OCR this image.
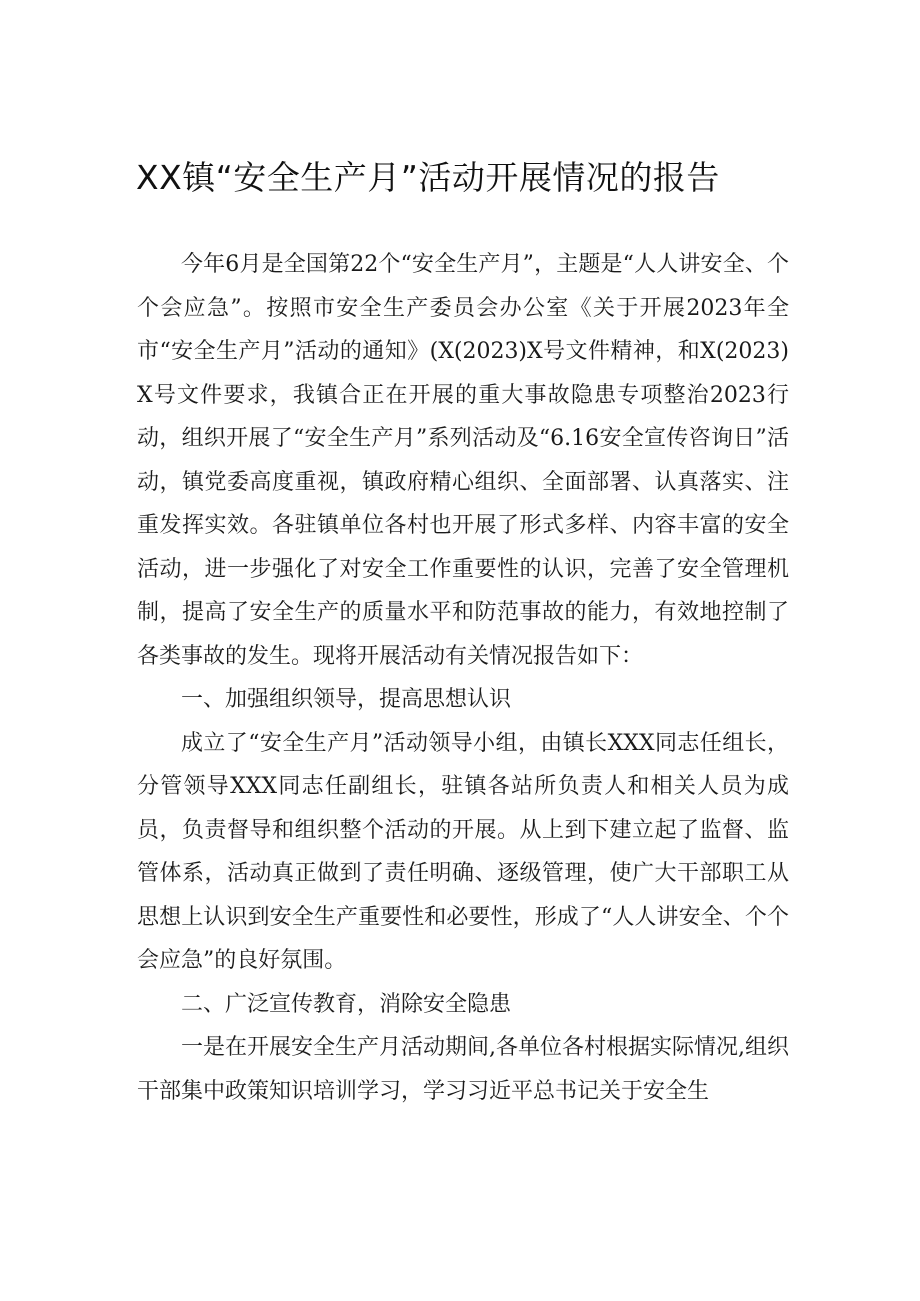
XX镇“安全生产月”活动开展情况的报告

今年6月是全国第22个“安全生产月”，主题是“人人讲安全、个个会应急”。按照市安全生产委员会办公室《关于开展2023年全市“安全生产月”活动的通知》(X(2023)X号文件精神，和X(2023)X号文件要求，我镇合正在开展的重大事故隐患专项整治2023行动，组织开展了“安全生产月”系列活动及“6.16安全宣传咨询日”活动，镇党委高度重视，镇政府精心组织、全面部署、认真落实、注重发挥实效。各驻镇单位各村也开展了形式多样、内容丰富的安全活动，进一步强化了对安全工作重要性的认识，完善了安全管理机制，提高了安全生产的质量水平和防范事故的能力，有效地控制了各类事故的发生。现将开展活动有关情况报告如下：

一、加强组织领导，提高思想认识

成立了“安全生产月”活动领导小组，由镇长XXX同志任组长，分管领导XXX同志任副组长，驻镇各站所负责人和相关人员为成员，负责督导和组织整个活动的开展。从上到下建立起了监督、监管体系，活动真正做到了责任明确、逐级管理，使广大干部职工从思想上认识到安全生产重要性和必要性，形成了“人人讲安全、个个会应急”的良好氛围。

二、广泛宣传教育，消除安全隐患

一是在开展安全生产月活动期间,各单位各村根据实际情况,组织干部集中政策知识培训学习，学习习近平总书记关于安全生
